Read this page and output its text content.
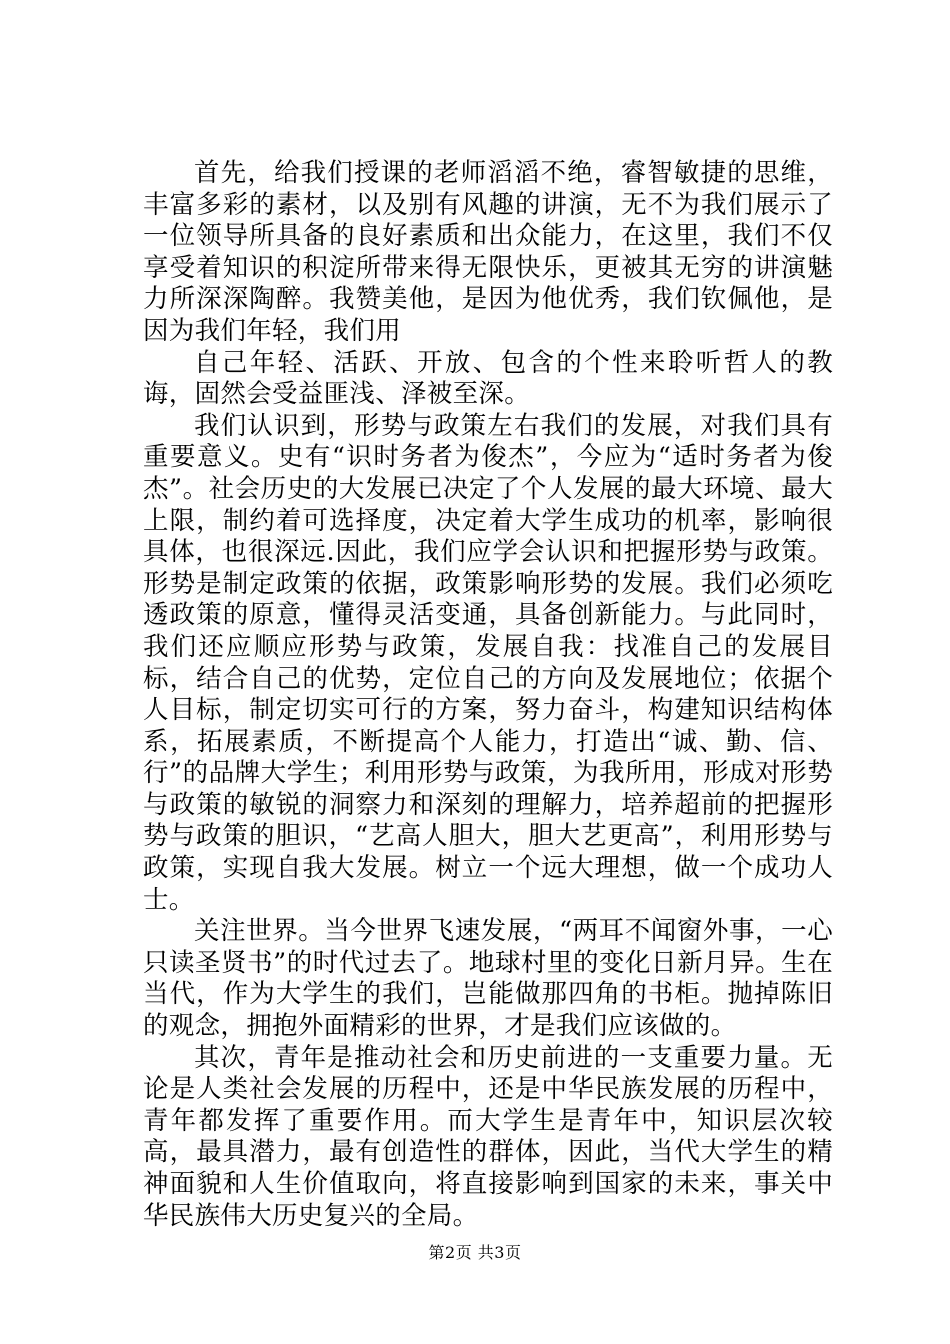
首先，给我们授课的老师滔滔不绝，睿智敏捷的思维，丰富多彩的素材，以及别有风趣的讲演，无不为我们展示了一位领导所具备的良好素质和出众能力，在这里，我们不仅享受着知识的积淀所带来得无限快乐，更被其无穷的讲演魅力所深深陶醉。我赞美他，是因为他优秀，我们钦佩他，是因为我们年轻，我们用

自己年轻、活跃、开放、包含的个性来聆听哲人的教诲，固然会受益匪浅、泽被至深。

我们认识到，形势与政策左右我们的发展，对我们具有重要意义。史有“识时务者为俊杰”，今应为“适时务者为俊杰”。社会历史的大发展已决定了个人发展的最大环境、最大上限，制约着可选择度，决定着大学生成功的机率，影响很具体，也很深远.因此，我们应学会认识和把握形势与政策。形势是制定政策的依据，政策影响形势的发展。我们必须吃透政策的原意，懂得灵活变通，具备创新能力。与此同时，我们还应顺应形势与政策，发展自我：找准自己的发展目标，结合自己的优势，定位自己的方向及发展地位；依据个人目标，制定切实可行的方案，努力奋斗，构建知识结构体系，拓展素质，不断提高个人能力，打造出“诚、勤、信、行”的品牌大学生；利用形势与政策，为我所用，形成对形势与政策的敏锐的洞察力和深刻的理解力，培养超前的把握形势与政策的胆识，“艺高人胆大，胆大艺更高”，利用形势与政策，实现自我大发展。树立一个远大理想，做一个成功人士。

关注世界。当今世界飞速发展，“两耳不闻窗外事，一心只读圣贤书”的时代过去了。地球村里的变化日新月异。生在当代，作为大学生的我们，岂能做那四角的书柜。抛掉陈旧的观念，拥抱外面精彩的世界，才是我们应该做的。

其次，青年是推动社会和历史前进的一支重要力量。无论是人类社会发展的历程中，还是中华民族发展的历程中，青年都发挥了重要作用。而大学生是青年中，知识层次较高，最具潜力，最有创造性的群体，因此，当代大学生的精神面貌和人生价值取向，将直接影响到国家的未来，事关中华民族伟大历史复兴的全局。

第2页 共3页
